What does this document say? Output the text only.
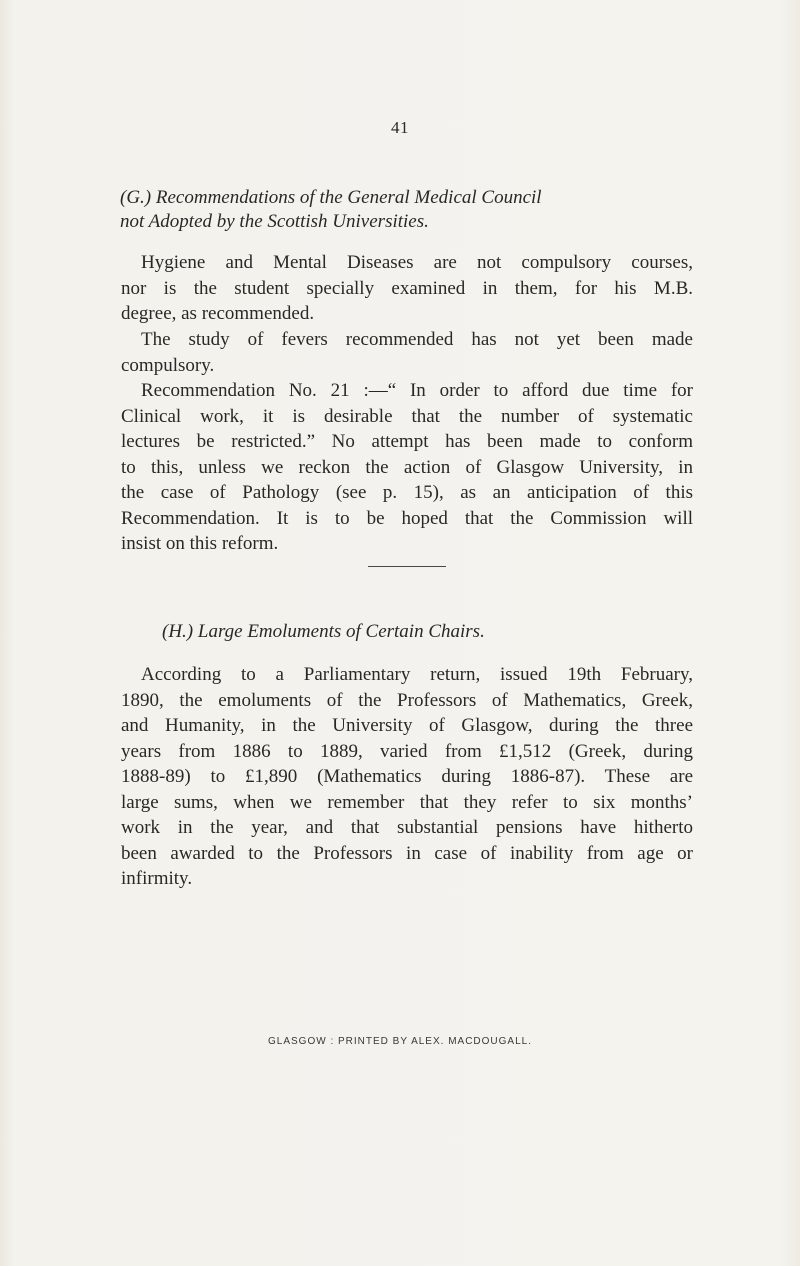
41
(G.) Recommendations of the General Medical Council
not Adopted by the Scottish Universities.
Hygiene and Mental Diseases are not compulsory courses,
nor is the student specially examined in them, for his M.B.
degree, as recommended.
The study of fevers recommended has not yet been made
compulsory.
Recommendation No. 21 :—“ In order to afford due time for
Clinical work, it is desirable that the number of systematic
lectures be restricted.” No attempt has been made to conform
to this, unless we reckon the action of Glasgow University, in
the case of Pathology (see p. 15), as an anticipation of this
Recommendation. It is to be hoped that the Commission will
insist on this reform.
(H.) Large Emoluments of Certain Chairs.
According to a Parliamentary return, issued 19th February,
1890, the emoluments of the Professors of Mathematics, Greek,
and Humanity, in the University of Glasgow, during the three
years from 1886 to 1889, varied from £1,512 (Greek, during
1888-89) to £1,890 (Mathematics during 1886-87). These are
large sums, when we remember that they refer to six months’
work in the year, and that substantial pensions have hitherto
been awarded to the Professors in case of inability from age or
infirmity.
GLASGOW : PRINTED BY ALEX. MACDOUGALL.
